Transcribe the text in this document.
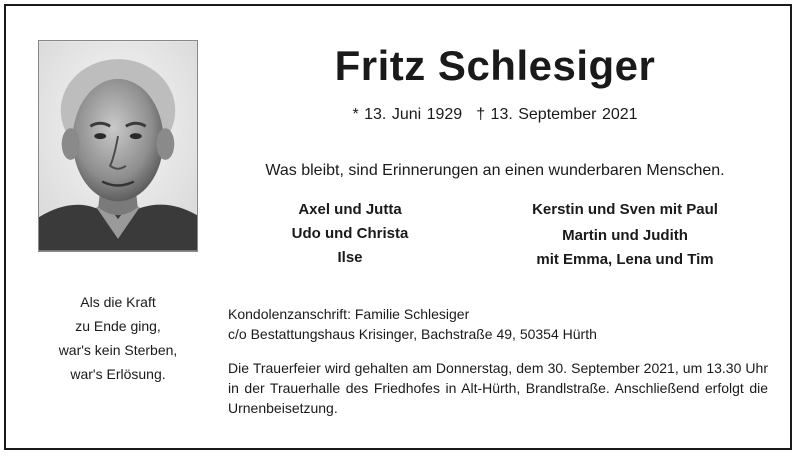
Fritz Schlesiger
* 13. Juni 1929 † 13. September 2021
Was bleibt, sind Erinnerungen an einen wunderbaren Menschen.
Axel und Jutta
Udo und Christa
Ilse
Kerstin und Sven mit Paul
Martin und Judith
mit Emma, Lena und Tim
Als die Kraft
zu Ende ging,
war's kein Sterben,
war's Erlösung.
Kondolenzanschrift: Familie Schlesiger
c/o Bestattungshaus Krisinger, Bachstraße 49, 50354 Hürth
Die Trauerfeier wird gehalten am Donnerstag, dem 30. September 2021, um 13.30 Uhr in der Trauerhalle des Friedhofes in Alt-Hürth, Brandlstraße. Anschließend erfolgt die Urnenbeisetzung.
